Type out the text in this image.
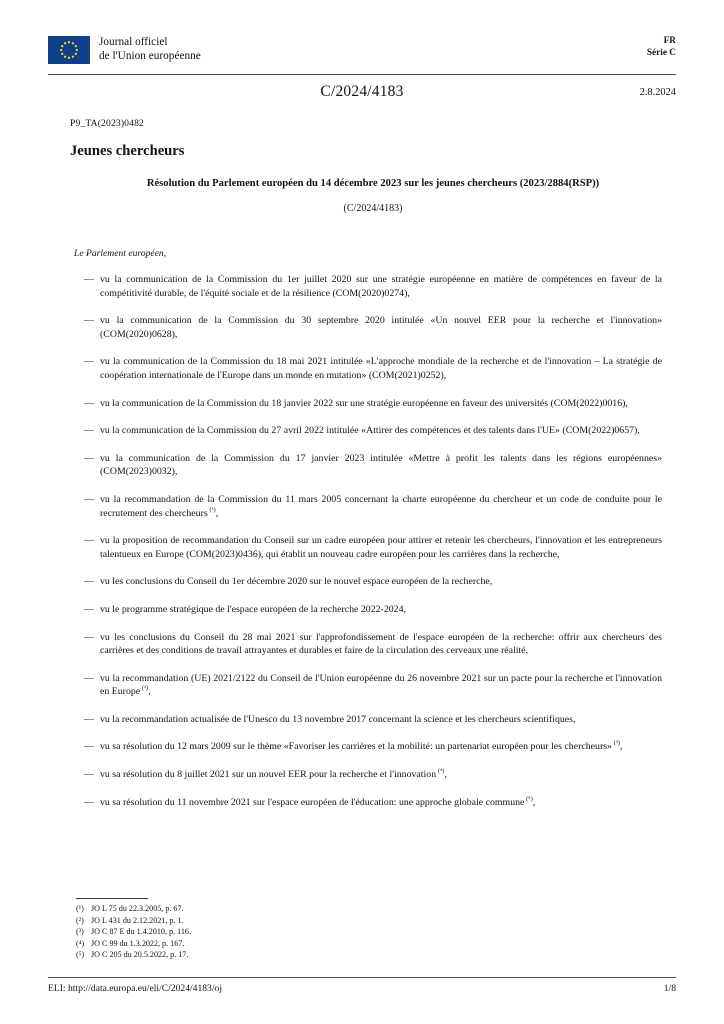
Journal officiel
de l'Union européenne
FR
Série C
C/2024/4183	2.8.2024
P9_TA(2023)0482
Jeunes chercheurs
Résolution du Parlement européen du 14 décembre 2023 sur les jeunes chercheurs (2023/2884(RSP))
(C/2024/4183)

Le Parlement européen,

— vu la communication de la Commission du 1er juillet 2020 sur une stratégie européenne en matière de compétences en faveur de la compétitivité durable, de l'équité sociale et de la résilience (COM(2020)0274),
— vu la communication de la Commission du 30 septembre 2020 intitulée «Un nouvel EER pour la recherche et l'innovation» (COM(2020)0628),
— vu la communication de la Commission du 18 mai 2021 intitulée «L'approche mondiale de la recherche et de l'innovation – La stratégie de coopération internationale de l'Europe dans un monde en mutation» (COM(2021)0252),
— vu la communication de la Commission du 18 janvier 2022 sur une stratégie européenne en faveur des universités (COM(2022)0016),
— vu la communication de la Commission du 27 avril 2022 intitulée «Attirer des compétences et des talents dans l'UE» (COM(2022)0657),
— vu la communication de la Commission du 17 janvier 2023 intitulée «Mettre à profit les talents dans les régions européennes» (COM(2023)0032),
— vu la recommandation de la Commission du 11 mars 2005 concernant la charte européenne du chercheur et un code de conduite pour le recrutement des chercheurs $^{(^1)}$,
— vu la proposition de recommandation du Conseil sur un cadre européen pour attirer et retenir les chercheurs, l'innovation et les entrepreneurs talentueux en Europe (COM(2023)0436), qui établit un nouveau cadre européen pour les carrières dans la recherche,
— vu les conclusions du Conseil du 1er décembre 2020 sur le nouvel espace européen de la recherche,
— vu le programme stratégique de l'espace européen de la recherche 2022-2024,
— vu les conclusions du Conseil du 28 mai 2021 sur l'approfondissement de l'espace européen de la recherche: offrir aux chercheurs des carrières et des conditions de travail attrayantes et durables et faire de la circulation des cerveaux une réalité,
— vu la recommandation (UE) 2021/2122 du Conseil de l'Union européenne du 26 novembre 2021 sur un pacte pour la recherche et l'innovation en Europe $^{(^2)}$,
— vu la recommandation actualisée de l'Unesco du 13 novembre 2017 concernant la science et les chercheurs scientifiques,
— vu sa résolution du 12 mars 2009 sur le thème «Favoriser les carrières et la mobilité: un partenariat européen pour les chercheurs» $^{(^3)}$,
— vu sa résolution du 8 juillet 2021 sur un nouvel EER pour la recherche et l'innovation $^{(^4)}$,
— vu sa résolution du 11 novembre 2021 sur l'espace européen de l'éducation: une approche globale commune $^{(^5)}$,
(¹) JO L 75 du 22.3.2005, p. 67.
(²) JO L 431 du 2.12.2021, p. 1.
(³) JO C 87 E du 1.4.2010, p. 116.
(⁴) JO C 99 du 1.3.2022, p. 167.
(⁵) JO C 205 du 20.5.2022, p. 17.
ELI: http://data.europa.eu/eli/C/2024/4183/oj	1/8
